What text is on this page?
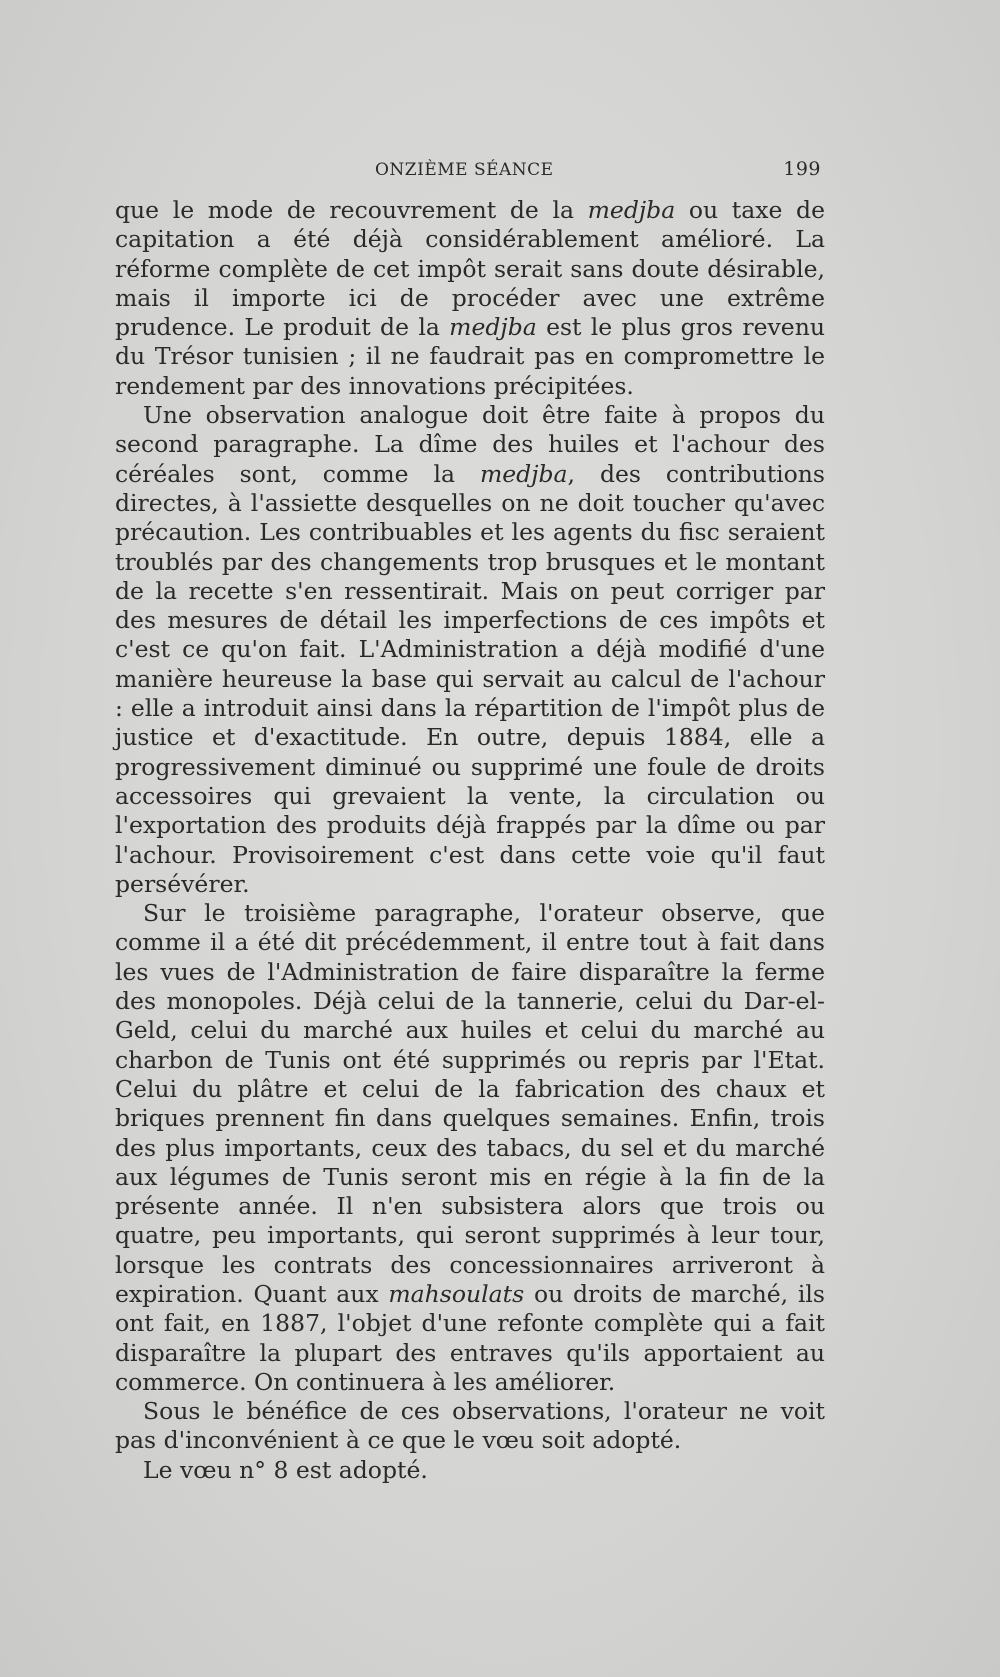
ONZIÈME SÉANCE	199

que le mode de recouvrement de la medjba ou taxe de capitation a été déjà considérablement amélioré. La réforme complète de cet impôt serait sans doute désirable, mais il importe ici de procéder avec une extrême prudence. Le produit de la medjba est le plus gros revenu du Trésor tunisien ; il ne faudrait pas en compromettre le rendement par des innovations précipitées.

Une observation analogue doit être faite à propos du second paragraphe. La dîme des huiles et l'achour des céréales sont, comme la medjba, des contributions directes, à l'assiette desquelles on ne doit toucher qu'avec précaution. Les contribuables et les agents du fisc seraient troublés par des changements trop brusques et le montant de la recette s'en ressentirait. Mais on peut corriger par des mesures de détail les imperfections de ces impôts et c'est ce qu'on fait. L'Administration a déjà modifié d'une manière heureuse la base qui servait au calcul de l'achour : elle a introduit ainsi dans la répartition de l'impôt plus de justice et d'exactitude. En outre, depuis 1884, elle a progressivement diminué ou supprimé une foule de droits accessoires qui grevaient la vente, la circulation ou l'exportation des produits déjà frappés par la dîme ou par l'achour. Provisoirement c'est dans cette voie qu'il faut persévérer.

Sur le troisième paragraphe, l'orateur observe, que comme il a été dit précédemment, il entre tout à fait dans les vues de l'Administration de faire disparaître la ferme des monopoles. Déjà celui de la tannerie, celui du Dar-el-Geld, celui du marché aux huiles et celui du marché au charbon de Tunis ont été supprimés ou repris par l'Etat. Celui du plâtre et celui de la fabrication des chaux et briques prennent fin dans quelques semaines. Enfin, trois des plus importants, ceux des tabacs, du sel et du marché aux légumes de Tunis seront mis en régie à la fin de la présente année. Il n'en subsistera alors que trois ou quatre, peu importants, qui seront supprimés à leur tour, lorsque les contrats des concessionnaires arriveront à expiration. Quant aux mahsoulats ou droits de marché, ils ont fait, en 1887, l'objet d'une refonte complète qui a fait disparaître la plupart des entraves qu'ils apportaient au commerce. On continuera à les améliorer.

Sous le bénéfice de ces observations, l'orateur ne voit pas d'inconvénient à ce que le vœu soit adopté.

Le vœu n° 8 est adopté.
